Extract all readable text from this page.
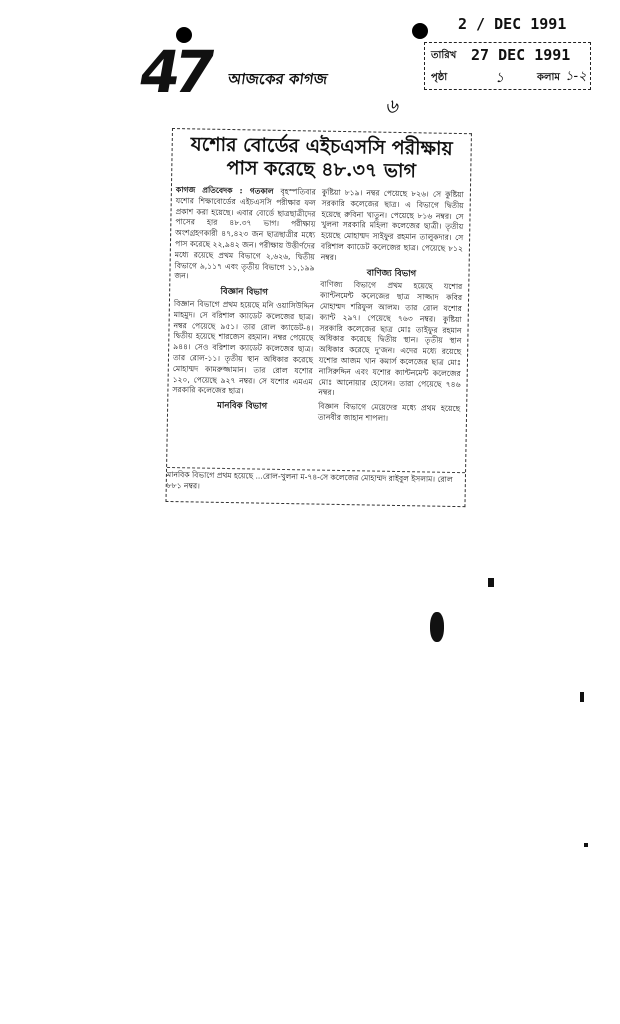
47 আজকের কাগজ
2 / DEC 1991
তারিখ 27 DEC 1991
পৃষ্ঠা	১	কলাম ১-২
৬
যশোর বোর্ডের এইচএসসি পরীক্ষায়
পাস করেছে ৪৮.৩৭ ভাগ
কাগজ প্রতিবেদক : গতকাল বৃহস্পতিবার যশোর শিক্ষাবোর্ডের এইচএসসি পরীক্ষার ফল প্রকাশ করা হয়েছে। এবার বোর্ডে ছাত্রছাত্রীদের পাসের হার ৪৮.৩৭ ভাগ। পরীক্ষায় অংশগ্রহণকারী ৪৭,৪২৩ জন ছাত্রছাত্রীর মধ্যে পাস করেছে ২২,৯৪২ জন। পরীক্ষায় উত্তীর্ণদের মধ্যে রয়েছে প্রথম বিভাগে ২,৬২৬, দ্বিতীয় বিভাগে ৯,১১৭ এবং তৃতীয় বিভাগে ১১,১৯৯ জন।
বিজ্ঞান বিভাগ
বিজ্ঞান বিভাগে প্রথম হয়েছে মনি ওয়াসিউদ্দিন মাহমুদ। সে বরিশাল ক্যাডেট কলেজের ছাত্র। নম্বর পেয়েছে ৯৫১। তার রোল ক্যাডেট-৪। দ্বিতীয় হয়েছে শারজেস রহমান। নম্বর পেয়েছে ৯৪৪। সেও বরিশাল ক্যাডেট কলেজের ছাত্র। তার রোল-১১। তৃতীয় স্থান অধিকার করেছে মোহাম্মদ কামরুজ্জামান। তার রোল যশোর ১২০, পেয়েছে ৯২৭ নম্বর। সে যশোর এমএম সরকারি কলেজের ছাত্র।
মানবিক বিভাগ
কুষ্টিয়া ৮১৯। নম্বর পেয়েছে ৮২৬। সে কুষ্টিয়া সরকারি কলেজের ছাত্র। এ বিভাগে দ্বিতীয় হয়েছে রুবিনা খাতুন। পেয়েছে ৮১৬ নম্বর। সে খুলনা সরকারি মহিলা কলেজের ছাত্রী। তৃতীয় হয়েছে মোহাম্মদ সাইফুর রহমান তালুকদার। সে বরিশাল ক্যাডেট কলেজের ছাত্র। পেয়েছে ৮১২ নম্বর।
বাণিজ্য বিভাগ
বাণিজ্য বিভাগে প্রথম হয়েছে যশোর ক্যান্টনমেন্ট কলেজের ছাত্র সাজ্জাদ কবির মোহাম্মদ শরিফুল আলম। তার রোল যশোর ক্যান্ট ২৯৭। পেয়েছে ৭৬৩ নম্বর। কুষ্টিয়া সরকারি কলেজের ছাত্র মোঃ তাইফুর রহমান অধিকার করেছে দ্বিতীয় স্থান। তৃতীয় স্থান অধিকার করেছে দু'জন। এদের মধ্যে রয়েছে যশোর আজম খান কমার্স কলেজের ছাত্র মোঃ নাসিরুদ্দিন এবং যশোর ক্যান্টনমেন্ট কলেজের মোঃ আনোয়ার হোসেন। তারা পেয়েছে ৭৪৬ নম্বর।
বিজ্ঞান বিভাগে মেয়েদের মধ্যে প্রথম হয়েছে তানবীর জাহান শাপলা।
মানবিক বিভাগে প্রথম হয়েছে ...রোল-খুলনা ম-৭৪-সে কলেজের মোহাম্মদ রাইবুল ইসলাম। রোল ৮৮১ নম্বর।
